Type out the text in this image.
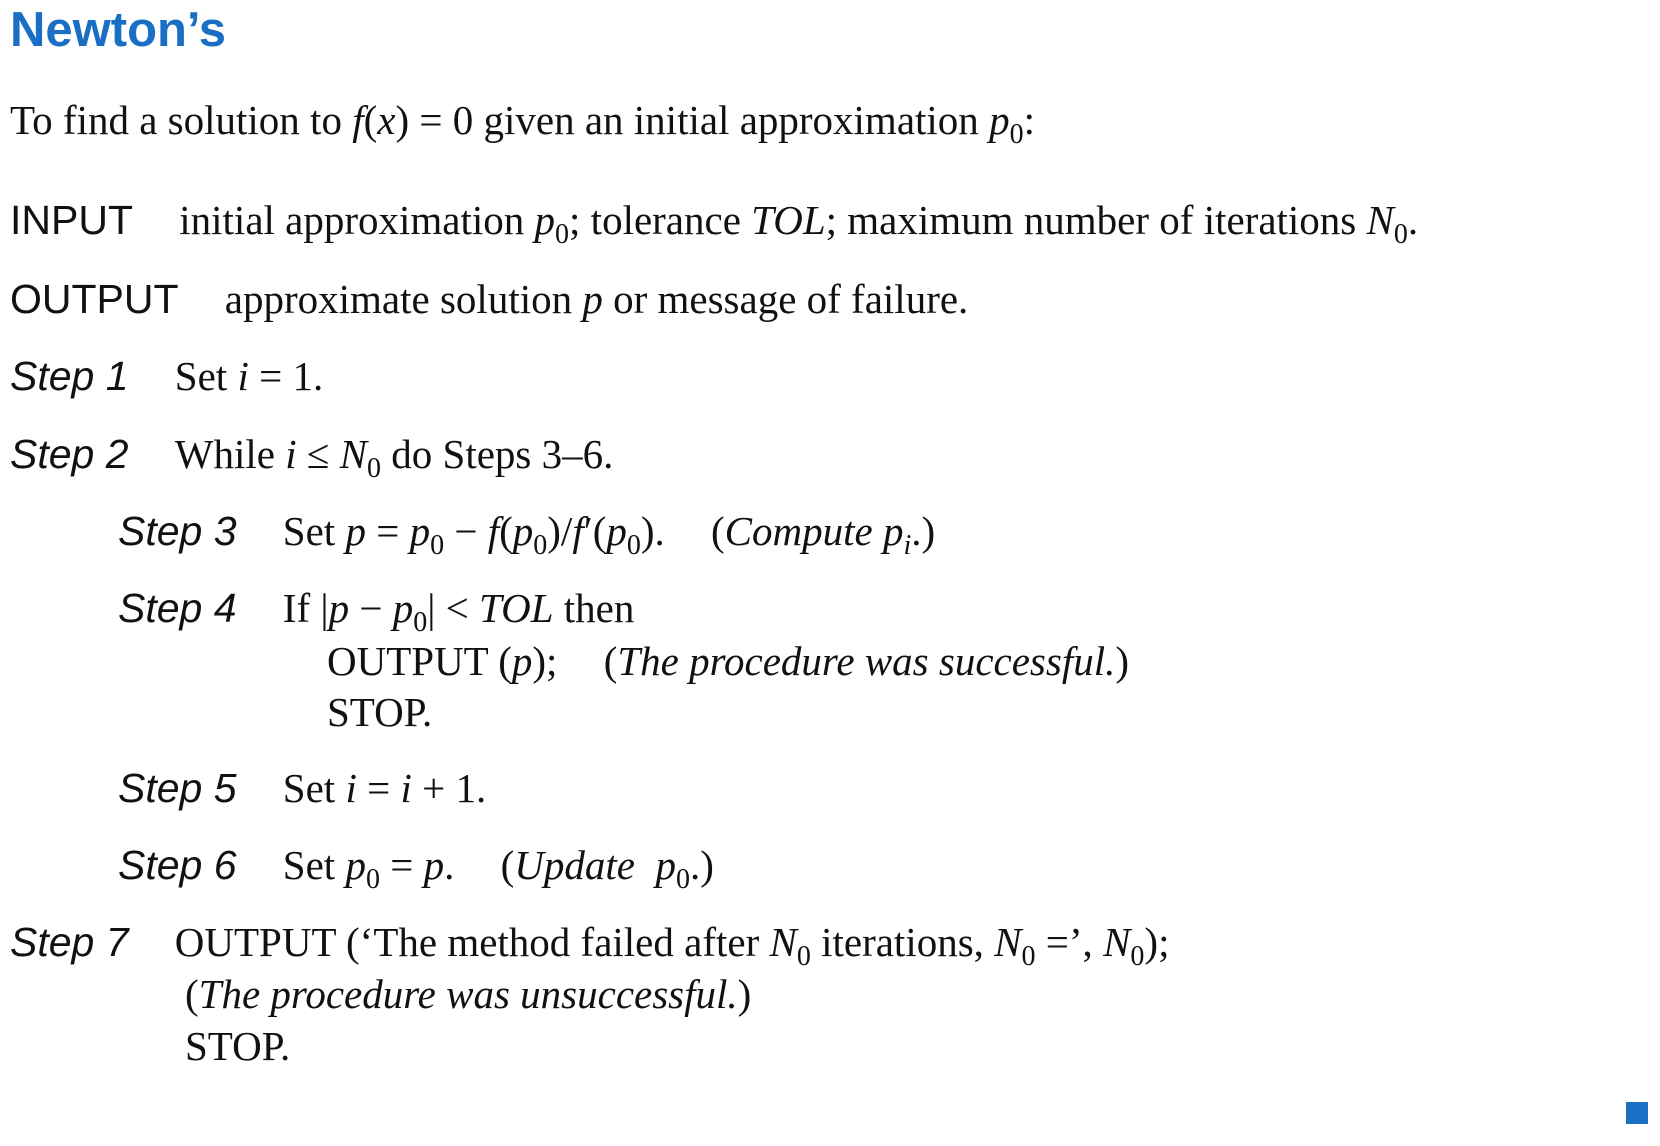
Newton’s
To find a solution to f(x) = 0 given an initial approximation $p_0$:
INPUT initial approximation $p_0$; tolerance TOL; maximum number of iterations $N_0$.
OUTPUT approximate solution p or message of failure.
Step 1 Set i = 1.
Step 2 While $i \le N_0$ do Steps 3–6.
Step 3 Set $p = p_0 - f(p_0)/f'(p_0)$. (Compute $p_i$.)
Step 4 If $|p - p_0|$ < TOL then
OUTPUT (p); (The procedure was successful.)
STOP.
Step 5 Set i = i + 1.
Step 6 Set $p_0 = p$. (Update $p_0$.)
Step 7 OUTPUT (‘The method failed after $N_0$ iterations, $N_0$ =’, $N_0$);
(The procedure was unsuccessful.)
STOP.
